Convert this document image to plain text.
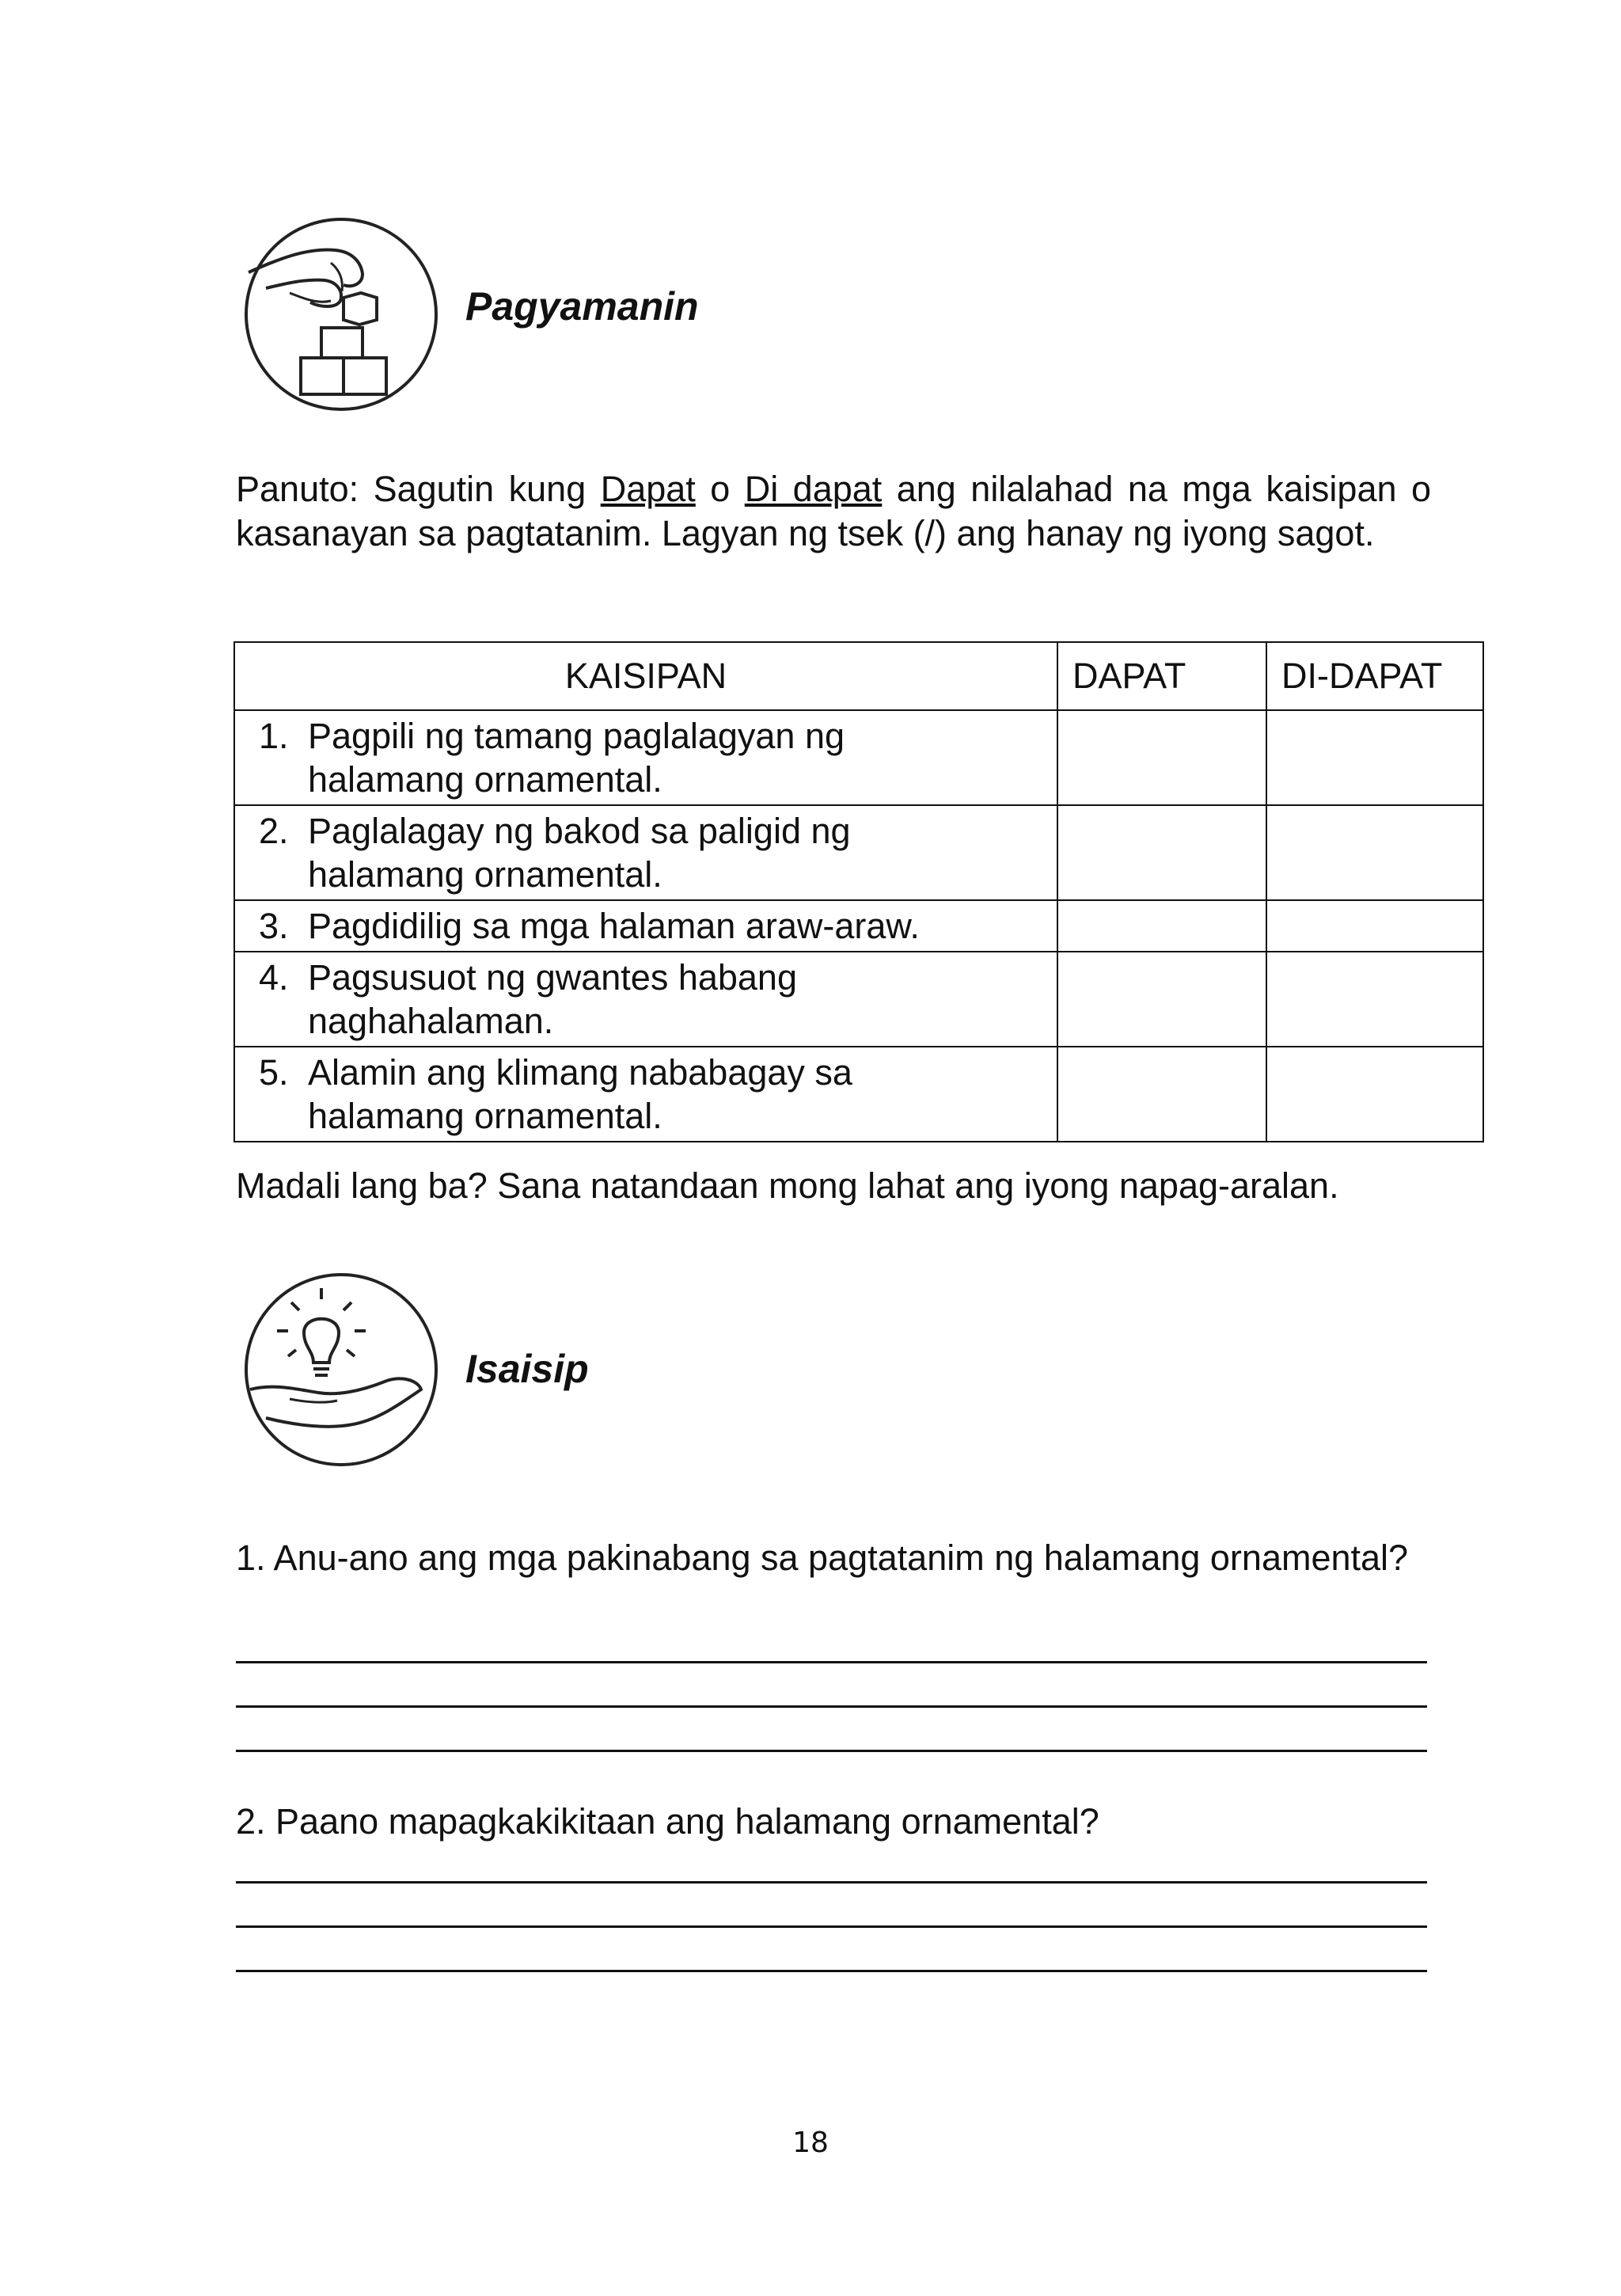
Pagyamanin
Panuto: Sagutin kung Dapat o Di dapat ang nilalahad na mga kaisipan o kasanayan sa pagtatanim. Lagyan ng tsek (/) ang hanay ng iyong sagot.
KAISIPAN	DAPAT	DI-DAPAT

1. Pagpili ng tamang paglalagyan ng
halamang ornamental.		

2. Paglalagay ng bakod sa paligid ng
halamang ornamental.		

3. Pagdidilig sa mga halaman araw-araw.		

4. Pagsusuot ng gwantes habang
naghahalaman.		

5. Alamin ang klimang nababagay sa
halamang ornamental.		

Madali lang ba? Sana natandaan mong lahat ang iyong napag-aralan.
Isaisip
1. Anu-ano ang mga pakinabang sa pagtatanim ng halamang ornamental?
2. Paano mapagkakikitaan ang halamang ornamental?
18
